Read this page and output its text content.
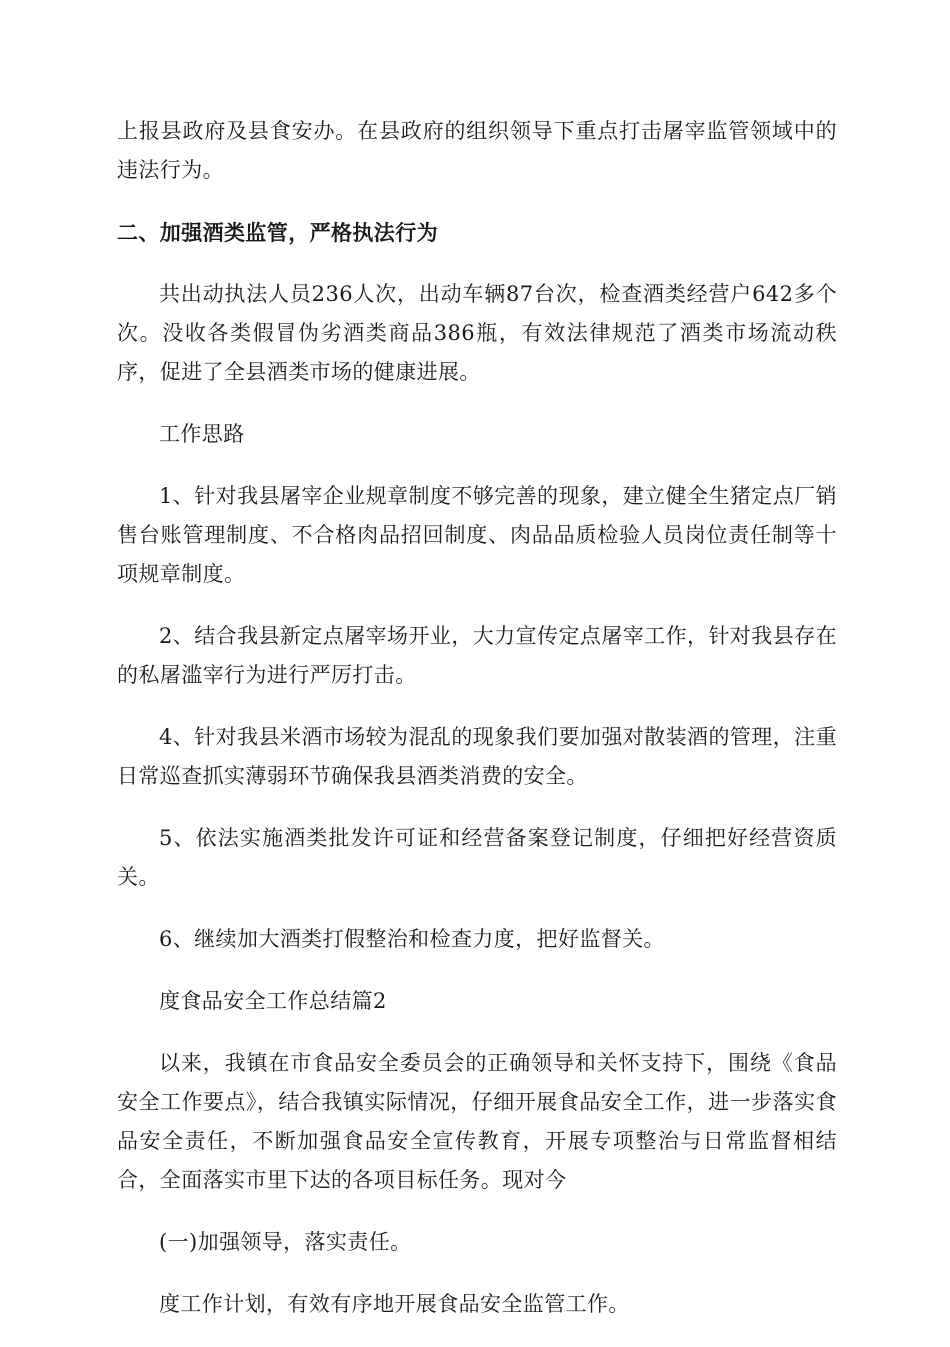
上报县政府及县食安办。在县政府的组织领导下重点打击屠宰监管领域中的违法行为。

二、加强酒类监管，严格执法行为

共出动执法人员236人次，出动车辆87台次，检查酒类经营户642多个次。没收各类假冒伪劣酒类商品386瓶，有效法律规范了酒类市场流动秩序，促进了全县酒类市场的健康进展。

工作思路

1、针对我县屠宰企业规章制度不够完善的现象，建立健全生猪定点厂销售台账管理制度、不合格肉品招回制度、肉品品质检验人员岗位责任制等十项规章制度。

2、结合我县新定点屠宰场开业，大力宣传定点屠宰工作，针对我县存在的私屠滥宰行为进行严厉打击。

4、针对我县米酒市场较为混乱的现象我们要加强对散装酒的管理，注重日常巡查抓实薄弱环节确保我县酒类消费的安全。

5、依法实施酒类批发许可证和经营备案登记制度，仔细把好经营资质关。

6、继续加大酒类打假整治和检查力度，把好监督关。

度食品安全工作总结篇2

以来，我镇在市食品安全委员会的正确领导和关怀支持下，围绕《食品安全工作要点》，结合我镇实际情况，仔细开展食品安全工作，进一步落实食品安全责任，不断加强食品安全宣传教育，开展专项整治与日常监督相结合，全面落实市里下达的各项目标任务。现对今

(一)加强领导，落实责任。

度工作计划，有效有序地开展食品安全监管工作。
